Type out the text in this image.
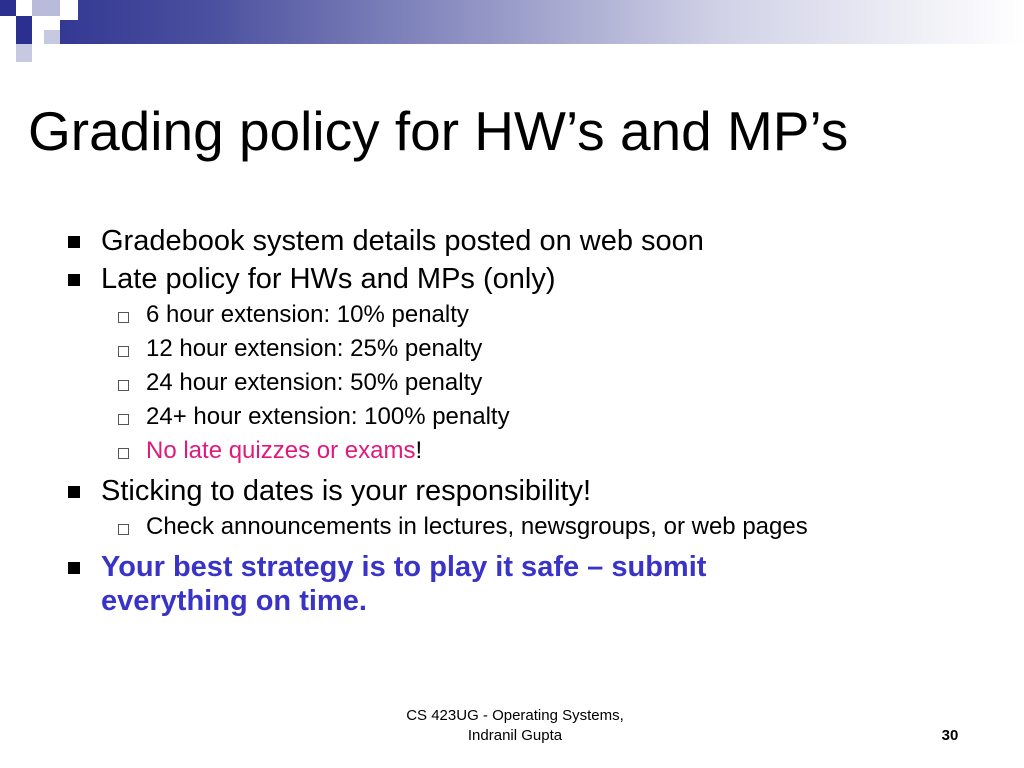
Grading policy for HW’s and MP’s
Gradebook system details posted on web soon
Late policy for HWs and MPs (only)
6 hour extension: 10% penalty
12 hour extension: 25% penalty
24 hour extension: 50% penalty
24+ hour extension: 100% penalty
No late quizzes or exams!
Sticking to dates is your responsibility!
Check announcements in lectures, newsgroups, or web pages
Your best strategy is to play it safe – submit
everything on time.
CS 423UG - Operating Systems,
Indranil Gupta	30
